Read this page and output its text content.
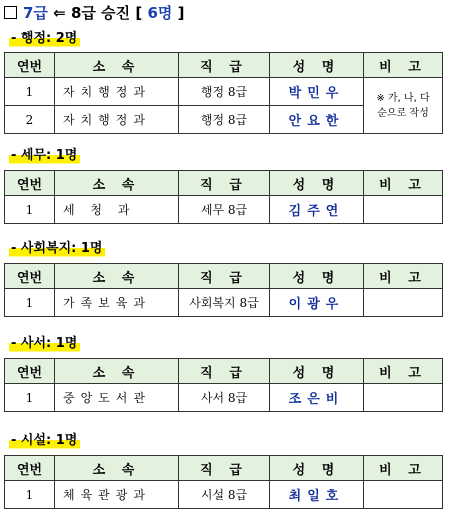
7급 ⇐ 8급 승진 [ 6명 ]
- 행정: 2명
연번	소 속	직 급	성 명	비 고
1	자치행정과	행정 8급	박민우	※ 가, 나, 다
순으로 작성

2	자치행정과	행정 8급	안요한	
- 세무: 1명
연번	소 속	직 급	성 명	비 고
1	세 청 과	세무 8급	김주연	
- 사회복지: 1명
연번	소 속	직 급	성 명	비 고
1	가족보육과	사회복지 8급	이광우	
- 사서: 1명
연번	소 속	직 급	성 명	비 고
1	중앙도서관	사서 8급	조은비	
- 시설: 1명
연번	소 속	직 급	성 명	비 고
1	체육관광과	시설 8급	최일호	
